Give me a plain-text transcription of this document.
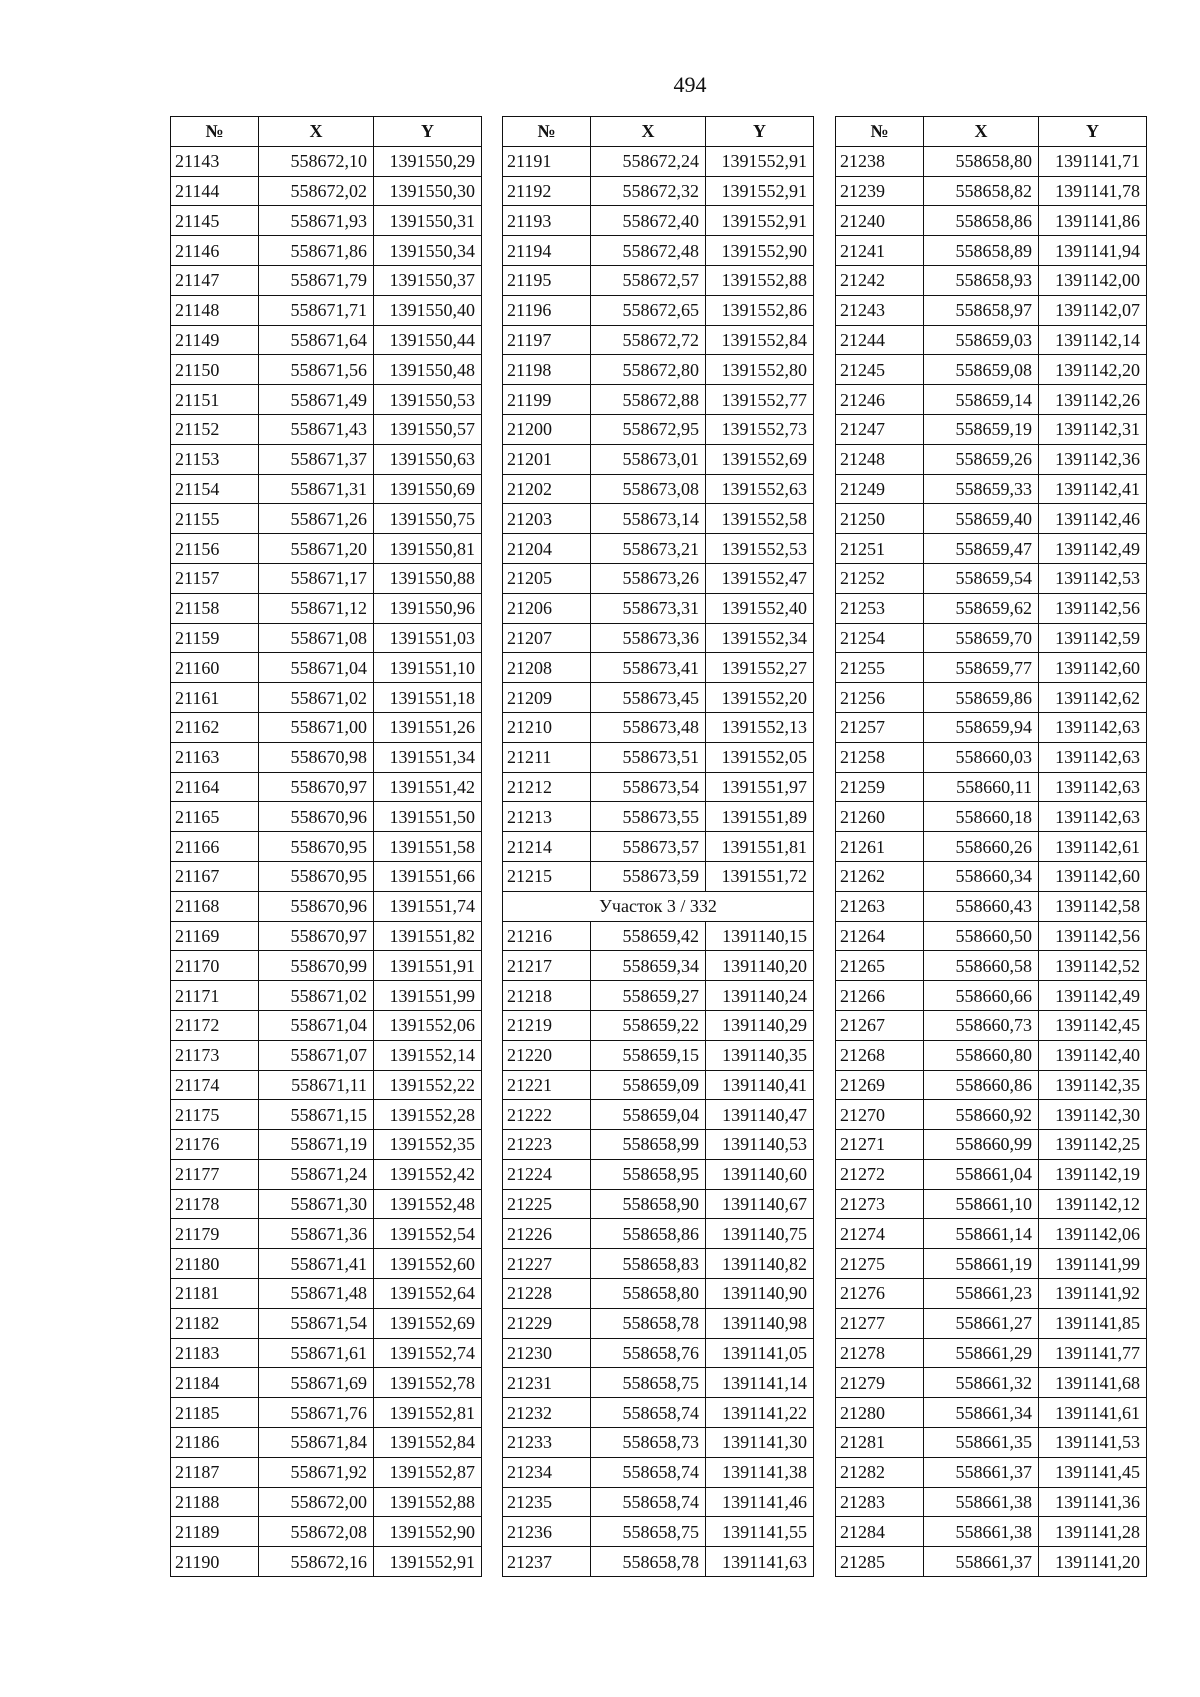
494
№	X	Y
21143	558672,10	1391550,29
21144	558672,02	1391550,30
21145	558671,93	1391550,31
21146	558671,86	1391550,34
21147	558671,79	1391550,37
21148	558671,71	1391550,40
21149	558671,64	1391550,44
21150	558671,56	1391550,48
21151	558671,49	1391550,53
21152	558671,43	1391550,57
21153	558671,37	1391550,63
21154	558671,31	1391550,69
21155	558671,26	1391550,75
21156	558671,20	1391550,81
21157	558671,17	1391550,88
21158	558671,12	1391550,96
21159	558671,08	1391551,03
21160	558671,04	1391551,10
21161	558671,02	1391551,18
21162	558671,00	1391551,26
21163	558670,98	1391551,34
21164	558670,97	1391551,42
21165	558670,96	1391551,50
21166	558670,95	1391551,58
21167	558670,95	1391551,66
21168	558670,96	1391551,74
21169	558670,97	1391551,82
21170	558670,99	1391551,91
21171	558671,02	1391551,99
21172	558671,04	1391552,06
21173	558671,07	1391552,14
21174	558671,11	1391552,22
21175	558671,15	1391552,28
21176	558671,19	1391552,35
21177	558671,24	1391552,42
21178	558671,30	1391552,48
21179	558671,36	1391552,54
21180	558671,41	1391552,60
21181	558671,48	1391552,64
21182	558671,54	1391552,69
21183	558671,61	1391552,74
21184	558671,69	1391552,78
21185	558671,76	1391552,81
21186	558671,84	1391552,84
21187	558671,92	1391552,87
21188	558672,00	1391552,88
21189	558672,08	1391552,90
21190	558672,16	1391552,91
№	X	Y
21191	558672,24	1391552,91
21192	558672,32	1391552,91
21193	558672,40	1391552,91
21194	558672,48	1391552,90
21195	558672,57	1391552,88
21196	558672,65	1391552,86
21197	558672,72	1391552,84
21198	558672,80	1391552,80
21199	558672,88	1391552,77
21200	558672,95	1391552,73
21201	558673,01	1391552,69
21202	558673,08	1391552,63
21203	558673,14	1391552,58
21204	558673,21	1391552,53
21205	558673,26	1391552,47
21206	558673,31	1391552,40
21207	558673,36	1391552,34
21208	558673,41	1391552,27
21209	558673,45	1391552,20
21210	558673,48	1391552,13
21211	558673,51	1391552,05
21212	558673,54	1391551,97
21213	558673,55	1391551,89
21214	558673,57	1391551,81
21215	558673,59	1391551,72
Участок 3 / 332		
21216	558659,42	1391140,15
21217	558659,34	1391140,20
21218	558659,27	1391140,24
21219	558659,22	1391140,29
21220	558659,15	1391140,35
21221	558659,09	1391140,41
21222	558659,04	1391140,47
21223	558658,99	1391140,53
21224	558658,95	1391140,60
21225	558658,90	1391140,67
21226	558658,86	1391140,75
21227	558658,83	1391140,82
21228	558658,80	1391140,90
21229	558658,78	1391140,98
21230	558658,76	1391141,05
21231	558658,75	1391141,14
21232	558658,74	1391141,22
21233	558658,73	1391141,30
21234	558658,74	1391141,38
21235	558658,74	1391141,46
21236	558658,75	1391141,55
21237	558658,78	1391141,63
№	X	Y
21238	558658,80	1391141,71
21239	558658,82	1391141,78
21240	558658,86	1391141,86
21241	558658,89	1391141,94
21242	558658,93	1391142,00
21243	558658,97	1391142,07
21244	558659,03	1391142,14
21245	558659,08	1391142,20
21246	558659,14	1391142,26
21247	558659,19	1391142,31
21248	558659,26	1391142,36
21249	558659,33	1391142,41
21250	558659,40	1391142,46
21251	558659,47	1391142,49
21252	558659,54	1391142,53
21253	558659,62	1391142,56
21254	558659,70	1391142,59
21255	558659,77	1391142,60
21256	558659,86	1391142,62
21257	558659,94	1391142,63
21258	558660,03	1391142,63
21259	558660,11	1391142,63
21260	558660,18	1391142,63
21261	558660,26	1391142,61
21262	558660,34	1391142,60
21263	558660,43	1391142,58
21264	558660,50	1391142,56
21265	558660,58	1391142,52
21266	558660,66	1391142,49
21267	558660,73	1391142,45
21268	558660,80	1391142,40
21269	558660,86	1391142,35
21270	558660,92	1391142,30
21271	558660,99	1391142,25
21272	558661,04	1391142,19
21273	558661,10	1391142,12
21274	558661,14	1391142,06
21275	558661,19	1391141,99
21276	558661,23	1391141,92
21277	558661,27	1391141,85
21278	558661,29	1391141,77
21279	558661,32	1391141,68
21280	558661,34	1391141,61
21281	558661,35	1391141,53
21282	558661,37	1391141,45
21283	558661,38	1391141,36
21284	558661,38	1391141,28
21285	558661,37	1391141,20
